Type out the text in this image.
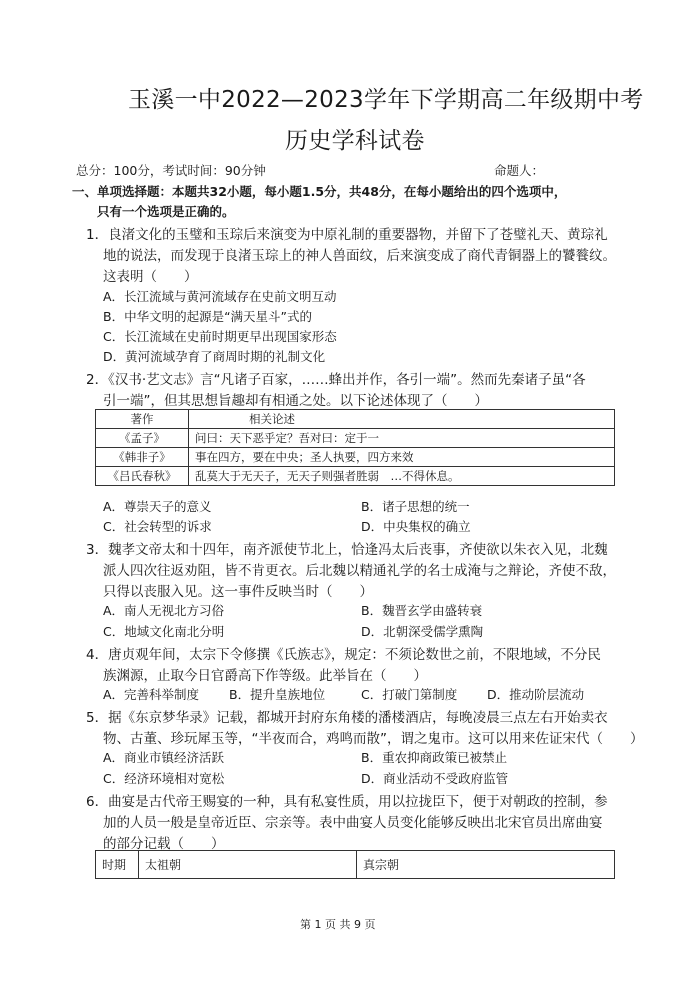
玉溪一中2022—2023学年下学期高二年级期中考
历史学科试卷
总分：100分，考试时间：90分钟	命题人：
一、单项选择题：本题共32小题，每小题1.5分，共48分，在每小题给出的四个选项中，
只有一个选项是正确的。
1．良渚文化的玉璧和玉琮后来演变为中原礼制的重要器物，并留下了苍璧礼天、黄琮礼
地的说法，而发现于良渚玉琮上的神人兽面纹，后来演变成了商代青铜器上的饕餮纹。
这表明（　　）
A．长江流域与黄河流域存在史前文明互动
B．中华文明的起源是“满天星斗”式的
C．长江流域在史前时期更早出现国家形态
D．黄河流域孕育了商周时期的礼制文化
2．《汉书·艺文志》言“凡诸子百家，……蜂出并作，各引一端”。然而先秦诸子虽“各
引一端”，但其思想旨趣却有相通之处。以下论述体现了（　　）
著作	相关论述
《孟子》	问曰：天下恶乎定？吾对曰：定于一
《韩非子》	事在四方，要在中央；圣人执要，四方来效
《吕氏春秋》	乱莫大于无天子，无天子则强者胜弱　…不得休息。
A．尊崇天子的意义	B．诸子思想的统一
C．社会转型的诉求	D．中央集权的确立
3．魏孝文帝太和十四年，南齐派使节北上，恰逢冯太后丧事，齐使欲以朱衣入见，北魏
派人四次往返劝阻，皆不肯更衣。后北魏以精通礼学的名士成淹与之辩论，齐使不敌，
只得以丧服入见。这一事件反映当时（　　）
A．南人无视北方习俗	B．魏晋玄学由盛转衰
C．地域文化南北分明	D．北朝深受儒学熏陶
4．唐贞观年间，太宗下令修撰《氏族志》，规定：不须论数世之前，不限地域，不分民
族渊源，止取今日官爵高下作等级。此举旨在（　　）
A．完善科举制度 B．提升皇族地位	C．打破门第制度 D．推动阶层流动
5．据《东京梦华录》记载，都城开封府东角楼的潘楼酒店，每晚凌晨三点左右开始卖衣
物、古董、珍玩犀玉等，“半夜而合，鸡鸣而散”，谓之鬼市。这可以用来佐证宋代（　　）
A．商业市镇经济活跃	B．重农抑商政策已被禁止
C．经济环境相对宽松	D．商业活动不受政府监管
6．曲宴是古代帝王赐宴的一种，具有私宴性质，用以拉拢臣下，便于对朝政的控制，参
加的人员一般是皇帝近臣、宗亲等。表中曲宴人员变化能够反映出北宋官员出席曲宴
的部分记载（　　）
时期	太祖朝	真宗朝
第 1 页 共 9 页
